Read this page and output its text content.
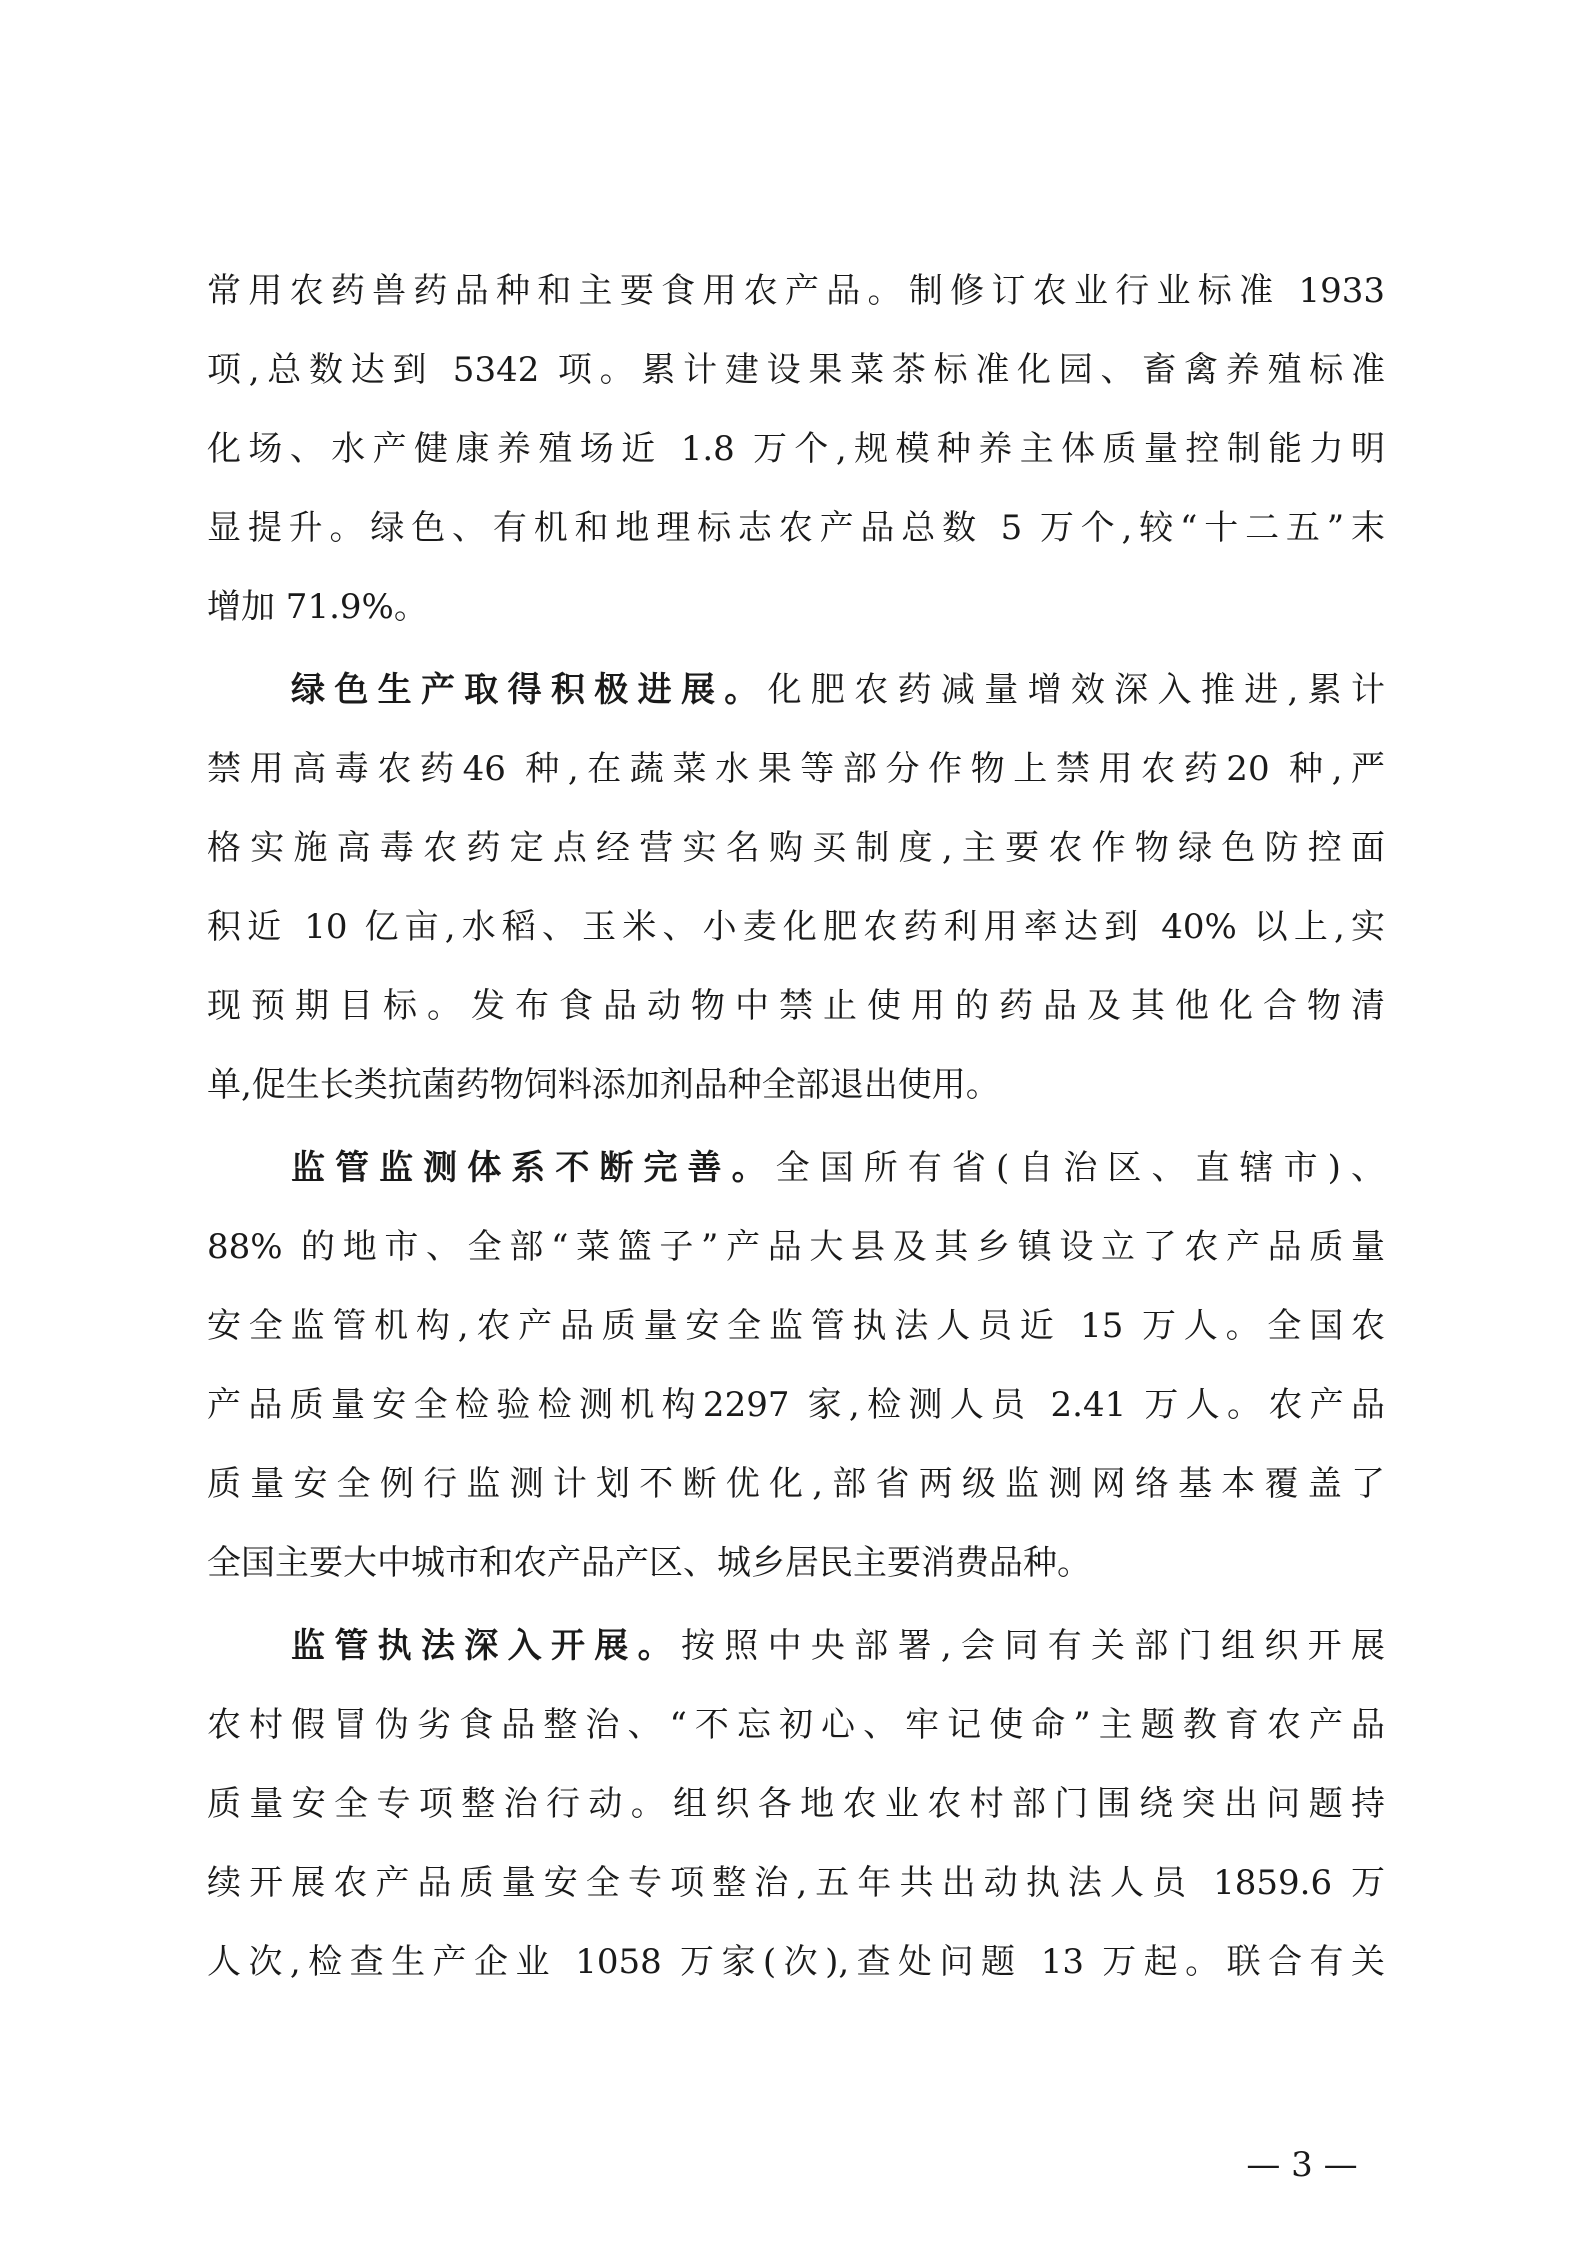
常用农药兽药品种和主要食用农产品。制修订农业行业标准 1933
项,总数达到 5342 项。累计建设果菜茶标准化园、畜禽养殖标准
化场、水产健康养殖场近 1.8 万个,规模种养主体质量控制能力明
显提升。绿色、有机和地理标志农产品总数 5 万个,较“十二五”末
增加 71.9%。
绿色生产取得积极进展。化肥农药减量增效深入推进,累计
禁用高毒农药46 种,在蔬菜水果等部分作物上禁用农药20 种,严
格实施高毒农药定点经营实名购买制度,主要农作物绿色防控面
积近 10 亿亩,水稻、玉米、小麦化肥农药利用率达到 40% 以上,实
现预期目标。发布食品动物中禁止使用的药品及其他化合物清
单,促生长类抗菌药物饲料添加剂品种全部退出使用。
监管监测体系不断完善。全国所有省(自治区、直辖市)、
88% 的地市、全部“菜篮子”产品大县及其乡镇设立了农产品质量
安全监管机构,农产品质量安全监管执法人员近 15 万人。全国农
产品质量安全检验检测机构2297 家,检测人员 2.41 万人。农产品
质量安全例行监测计划不断优化,部省两级监测网络基本覆盖了
全国主要大中城市和农产品产区、城乡居民主要消费品种。
监管执法深入开展。按照中央部署,会同有关部门组织开展
农村假冒伪劣食品整治、“不忘初心、牢记使命”主题教育农产品
质量安全专项整治行动。组织各地农业农村部门围绕突出问题持
续开展农产品质量安全专项整治,五年共出动执法人员 1859.6 万
人次,检查生产企业 1058 万家(次),查处问题 13 万起。联合有关
— 3 —
